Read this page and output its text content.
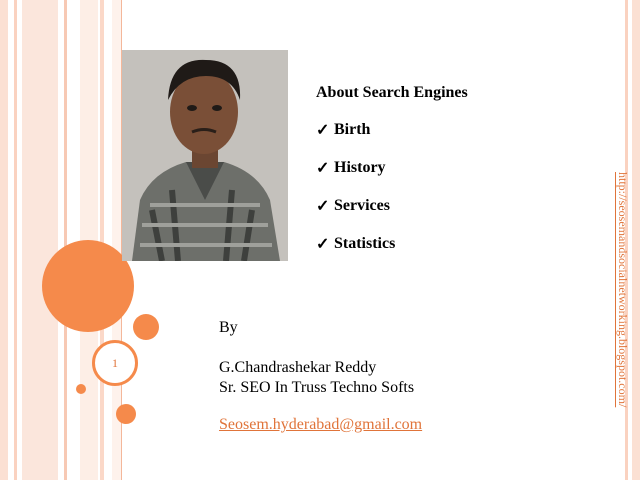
1
About Search Engines
✓ Birth
✓ History
✓ Services
✓ Statistics
By
G.Chandrashekar Reddy
Sr. SEO In Truss Techno Softs
Seosem.hyderabad@gmail.com
http://seosemandsocialnetworking.blogspot.com/
